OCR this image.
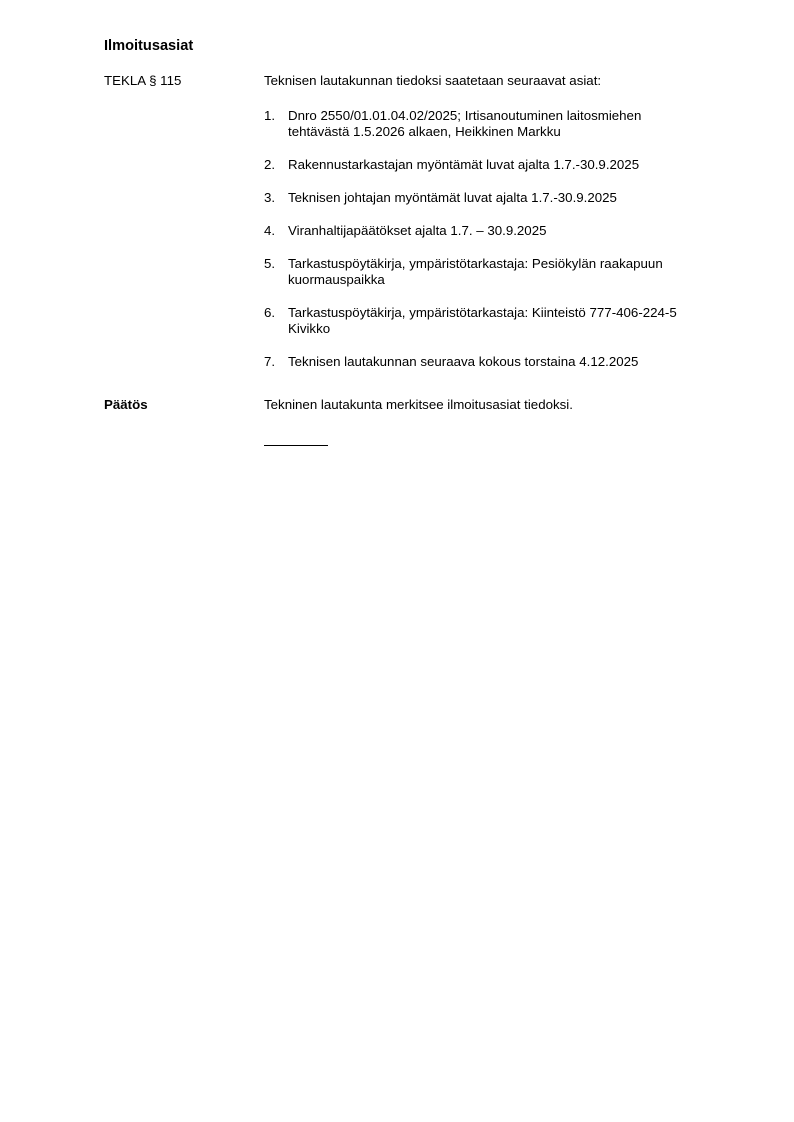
Ilmoitusasiat
TEKLA § 115	Teknisen lautakunnan tiedoksi saatetaan seuraavat asiat:
1. Dnro 2550/01.01.04.02/2025; Irtisanoutuminen laitosmiehen tehtävästä 1.5.2026 alkaen, Heikkinen Markku
2. Rakennustarkastajan myöntämät luvat ajalta 1.7.-30.9.2025
3. Teknisen johtajan myöntämät luvat ajalta 1.7.-30.9.2025
4. Viranhaltijapäätökset ajalta 1.7. – 30.9.2025
5. Tarkastuspöytäkirja, ympäristötarkastaja: Pesiökylän raakapuun kuormauspaikka
6. Tarkastuspöytäkirja, ympäristötarkastaja: Kiinteistö 777-406-224-5 Kivikko
7. Teknisen lautakunnan seuraava kokous torstaina 4.12.2025
Päätös	Tekninen lautakunta merkitsee ilmoitusasiat tiedoksi.
